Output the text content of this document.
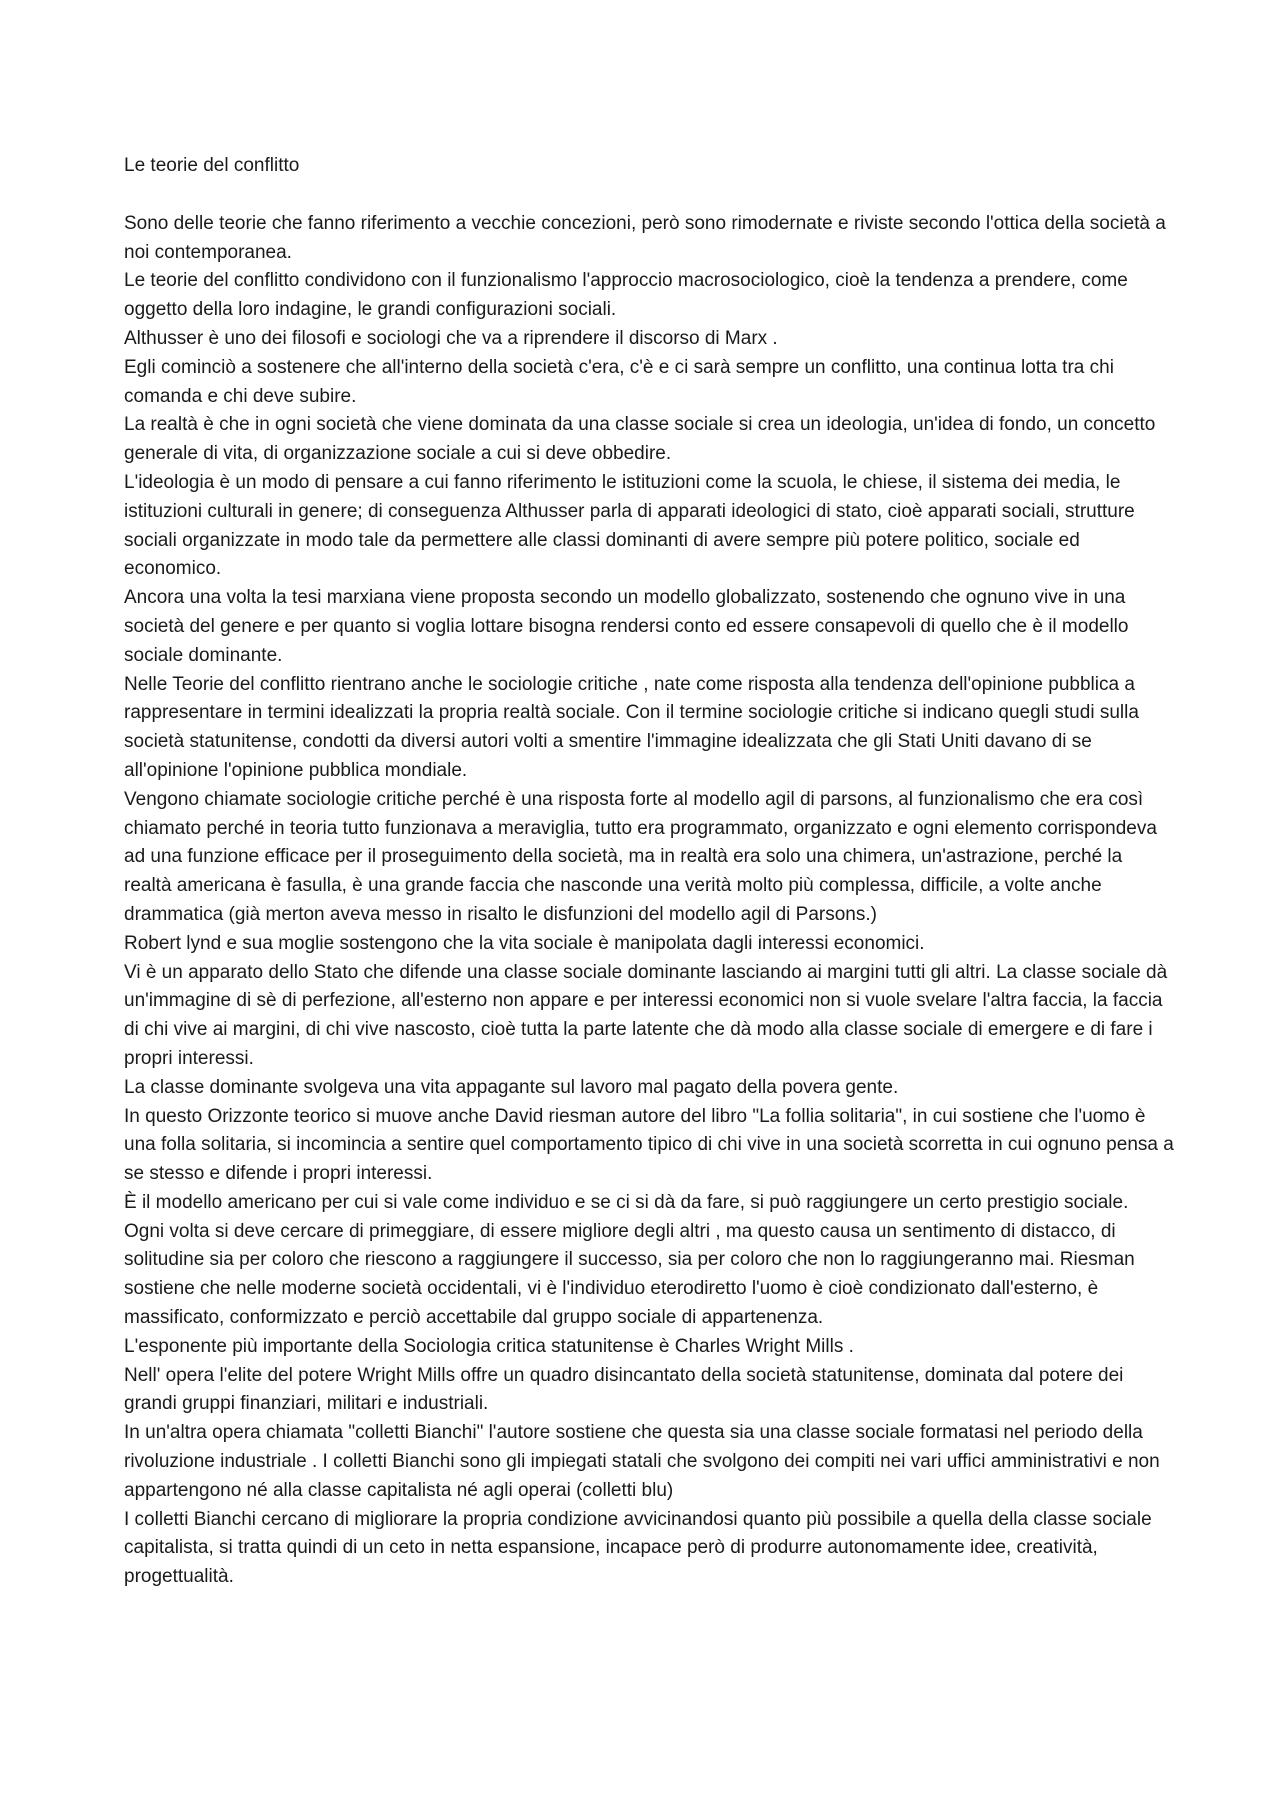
Le teorie del conflitto

Sono delle teorie che fanno riferimento a vecchie concezioni, però sono rimodernate e riviste secondo l'ottica della società a noi contemporanea.

Le teorie del conflitto condividono con il funzionalismo l'approccio macrosociologico, cioè la tendenza a prendere, come oggetto della loro indagine, le grandi configurazioni sociali.

Althusser è uno dei filosofi e sociologi che va a riprendere il discorso di Marx .

Egli cominciò a sostenere che all'interno della società c'era, c'è e ci sarà sempre un conflitto, una continua lotta tra chi comanda e chi deve subire.

La realtà è che in ogni società che viene dominata da una classe sociale si crea un ideologia, un'idea di fondo, un concetto generale di vita, di organizzazione sociale a cui si deve obbedire.

L'ideologia è un modo di pensare a cui fanno riferimento le istituzioni come la scuola, le chiese, il sistema dei media, le istituzioni culturali in genere; di conseguenza Althusser parla di apparati ideologici di stato, cioè apparati sociali, strutture sociali organizzate in modo tale da permettere alle classi dominanti di avere sempre più potere politico, sociale ed economico.

Ancora una volta la tesi marxiana viene proposta secondo un modello globalizzato, sostenendo che ognuno vive in una società del genere e per quanto si voglia lottare bisogna rendersi conto ed essere consapevoli di quello che è il modello sociale dominante.

Nelle Teorie del conflitto rientrano anche le sociologie critiche , nate come risposta alla tendenza dell'opinione pubblica a rappresentare in termini idealizzati la propria realtà sociale. Con il termine sociologie critiche si indicano quegli studi sulla società statunitense, condotti da diversi autori volti a smentire l'immagine idealizzata che gli Stati Uniti davano di se all'opinione l'opinione pubblica mondiale.

Vengono chiamate sociologie critiche perché è una risposta forte al modello agil di parsons, al funzionalismo che era così chiamato perché in teoria tutto funzionava a meraviglia, tutto era programmato, organizzato e ogni elemento corrispondeva ad una funzione efficace per il proseguimento della società, ma in realtà era solo una chimera, un'astrazione, perché la realtà americana è fasulla, è una grande faccia che nasconde una verità molto più complessa, difficile, a volte anche drammatica (già merton aveva messo in risalto le disfunzioni del modello agil di Parsons.)

Robert lynd e sua moglie sostengono che la vita sociale è manipolata dagli interessi economici.

Vi è un apparato dello Stato che difende una classe sociale dominante lasciando ai margini tutti gli altri. La classe sociale dà un'immagine di sè di perfezione, all'esterno non appare e per interessi economici non si vuole svelare l'altra faccia, la faccia di chi vive ai margini, di chi vive nascosto, cioè tutta la parte latente che dà modo alla classe sociale di emergere e di fare i propri interessi.

La classe dominante svolgeva una vita appagante sul lavoro mal pagato della povera gente.

In questo Orizzonte teorico si muove anche David riesman autore del libro "La follia solitaria", in cui sostiene che l'uomo è una folla solitaria, si incomincia a sentire quel comportamento tipico di chi vive in una società scorretta in cui ognuno pensa a se stesso e difende i propri interessi.

È il modello americano per cui si vale come individuo e se ci si dà da fare, si può raggiungere un certo prestigio sociale.

Ogni volta si deve cercare di primeggiare, di essere migliore degli altri , ma questo causa un sentimento di distacco, di solitudine sia per coloro che riescono a raggiungere il successo, sia per coloro che non lo raggiungeranno mai. Riesman sostiene che nelle moderne società occidentali, vi è l'individuo eterodiretto l'uomo è cioè condizionato dall'esterno, è massificato, conformizzato e perciò accettabile dal gruppo sociale di appartenenza.

L'esponente più importante della Sociologia critica statunitense è Charles Wright Mills .

Nell' opera l'elite del potere Wright Mills offre un quadro disincantato della società statunitense, dominata dal potere dei grandi gruppi finanziari, militari e industriali.

In un'altra opera chiamata "colletti Bianchi" l'autore sostiene che questa sia una classe sociale formatasi nel periodo della rivoluzione industriale . I colletti Bianchi sono gli impiegati statali che svolgono dei compiti nei vari uffici amministrativi e non appartengono né alla classe capitalista né agli operai (colletti blu)

I colletti Bianchi cercano di migliorare la propria condizione avvicinandosi quanto più possibile a quella della classe sociale capitalista, si tratta quindi di un ceto in netta espansione, incapace però di produrre autonomamente idee, creatività, progettualità.
